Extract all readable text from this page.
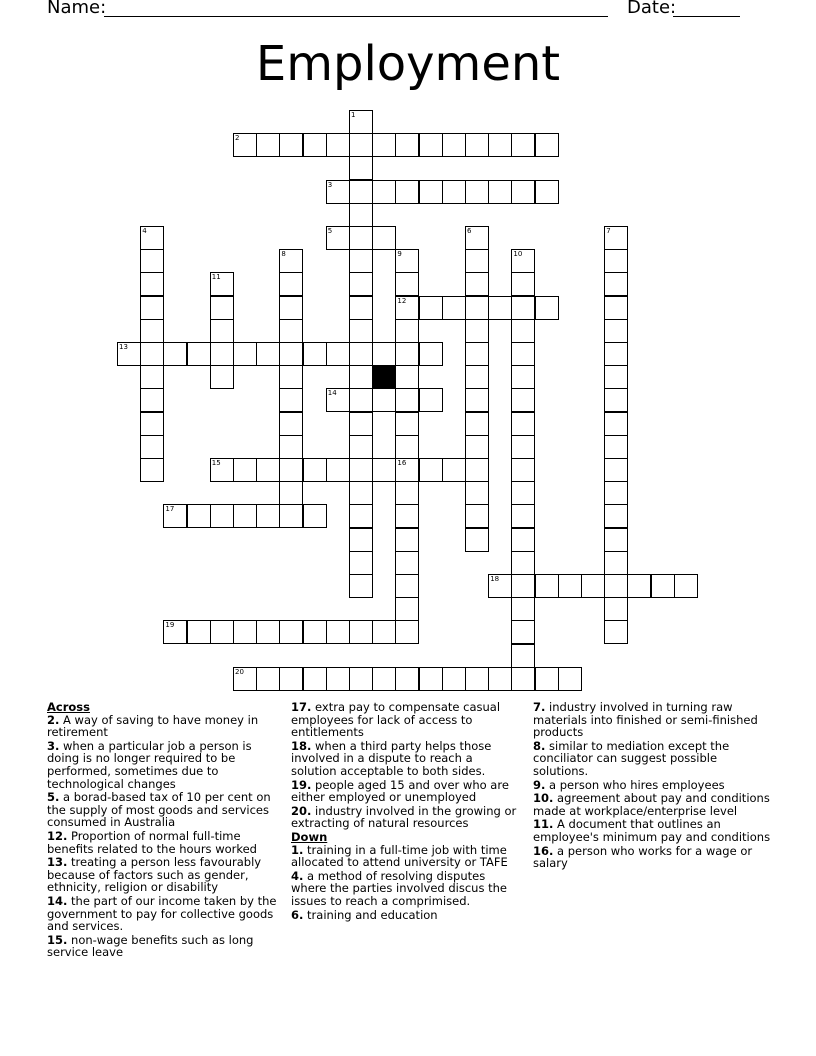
Name:	Date:
Employment
2
3
5
12
13
14
15	16
17
18
19
20
1
4	6	7
8	9	10
11
Across
2. A way of saving to have money in retirement
3. when a particular job a person is doing is no longer required to be performed, sometimes due to technological changes
5. a borad-based tax of 10 per cent on the supply of most goods and services consumed in Australia
12. Proportion of normal full-time benefits related to the hours worked
13. treating a person less favourably because of factors such as gender, ethnicity, religion or disability
14. the part of our income taken by the government to pay for collective goods and services.
15. non-wage benefits such as long service leave
17. extra pay to compensate casual employees for lack of access to entitlements
18. when a third party helps those involved in a dispute to reach a solution acceptable to both sides.
19. people aged 15 and over who are either employed or unemployed
20. industry involved in the growing or extracting of natural resources
Down
1. training in a full-time job with time allocated to attend university or TAFE
4. a method of resolving disputes where the parties involved discus the issues to reach a comprimised.
6. training and education
7. industry involved in turning raw materials into finished or semi-finished products
8. similar to mediation except the conciliator can suggest possible solutions.
9. a person who hires employees
10. agreement about pay and conditions made at workplace/enterprise level
11. A document that outlines an employee's minimum pay and conditions
16. a person who works for a wage or salary
